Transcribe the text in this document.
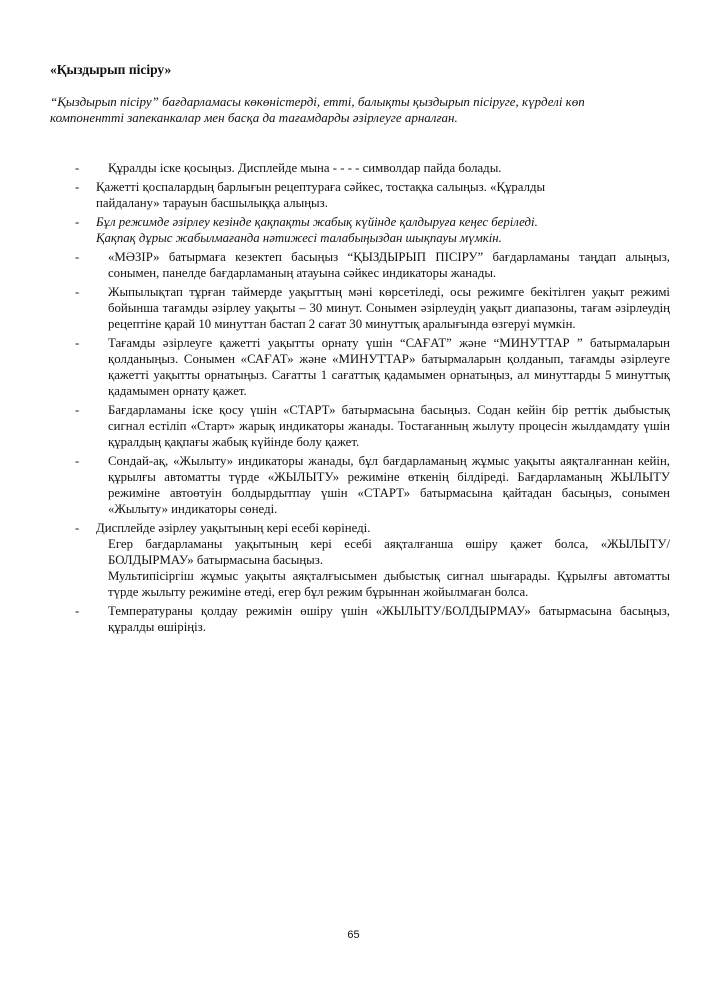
«Қыздырып пісіру»
“Қыздырып пісіру” бағдарламасы көкөністерді, етті, балықты қыздырып пісіруге, күрделі көп
компонентті запеканкалар мен басқа да тағамдарды әзірлеуге арналған.
- Құралды іске қосыңыз. Дисплейде мына - - - - символдар пайда болады.
- Қажетті қоспалардың барлығын рецептураға сәйкес, тостақка салыңыз. «Құралды
пайдалану» тарауын басшылыққа алыңыз.
- Бұл режимде әзірлеу кезінде қақпақты жабық күйінде қалдыруға кеңес беріледі.
Қақпақ дұрыс жабылмағанда нәтижесі талабыңыздан шықпауы мүмкін.
- «МӘЗІР» батырмаға кезектеп басыңыз “ҚЫЗДЫРЫП ПІСІРУ” бағдарламаны таңдап алыңыз, сонымен, панелде бағдарламаның атауына сәйкес индикаторы жанады.
- Жыпылықтап тұрған таймерде уақыттың мәні көрсетіледі, осы режимге бекітілген уақыт режимі бойынша тағамды әзірлеу уақыты – 30 минут. Сонымен әзірлеудің уақыт диапазоны, тағам әзірлеудің рецептіне қарай 10 минуттан бастап 2 сағат 30 минуттық аралығында өзгеруі мүмкін.
- Тағамды әзірлеуге қажетті уақытты орнату үшін “САҒАТ” және “МИНУТТАР ” батырмаларын қолданыңыз. Сонымен «САҒАТ» және «МИНУТТАР» батырмаларын қолданып, тағамды әзірлеуге қажетті уақытты орнатыңыз. Сағатты 1 сағаттық қадамымен орнатыңыз, ал минуттарды 5 минуттық қадамымен орнату қажет.
- Бағдарламаны іске қосу үшін «СТАРТ» батырмасына басыңыз. Содан кейін бір реттік дыбыстық сигнал естіліп «Старт» жарық индикаторы жанады. Тостағанның жылуту процесін жылдамдату үшін құралдың қақпағы жабық күйінде болу қажет.
- Сондай-ақ, «Жылыту» индикаторы жанады, бұл бағдарламаның жұмыс уақыты аяқталғаннан кейін, құрылғы автоматты түрде «ЖЫЛЫТУ» режиміне өткенің білдіреді. Бағдарламаның ЖЫЛЫТУ режиміне автоөтуін болдырдытпау үшін «СТАРТ» батырмасына қайтадан басыңыз, сонымен «Жылыту» индикаторы сөнеді.
- Дисплейде әзірлеу уақытының кері есебі көрінеді.
Егер бағдарламаны уақытының кері есебі аяқталғанша өшіру қажет болса, «ЖЫЛЫТУ/БОЛДЫРМАУ» батырмасына басыңыз.
Мультипісіргіш жұмыс уақыты аяқталғысымен дыбыстық сигнал шығарады. Құрылғы автоматты түрде жылыту режиміне өтеді, егер бұл режим бұрыннан жойылмаған болса.
- Температураны қолдау режимін өшіру үшін «ЖЫЛЫТУ/БОЛДЫРМАУ» батырмасына басыңыз, құралды өшіріңіз.
65
